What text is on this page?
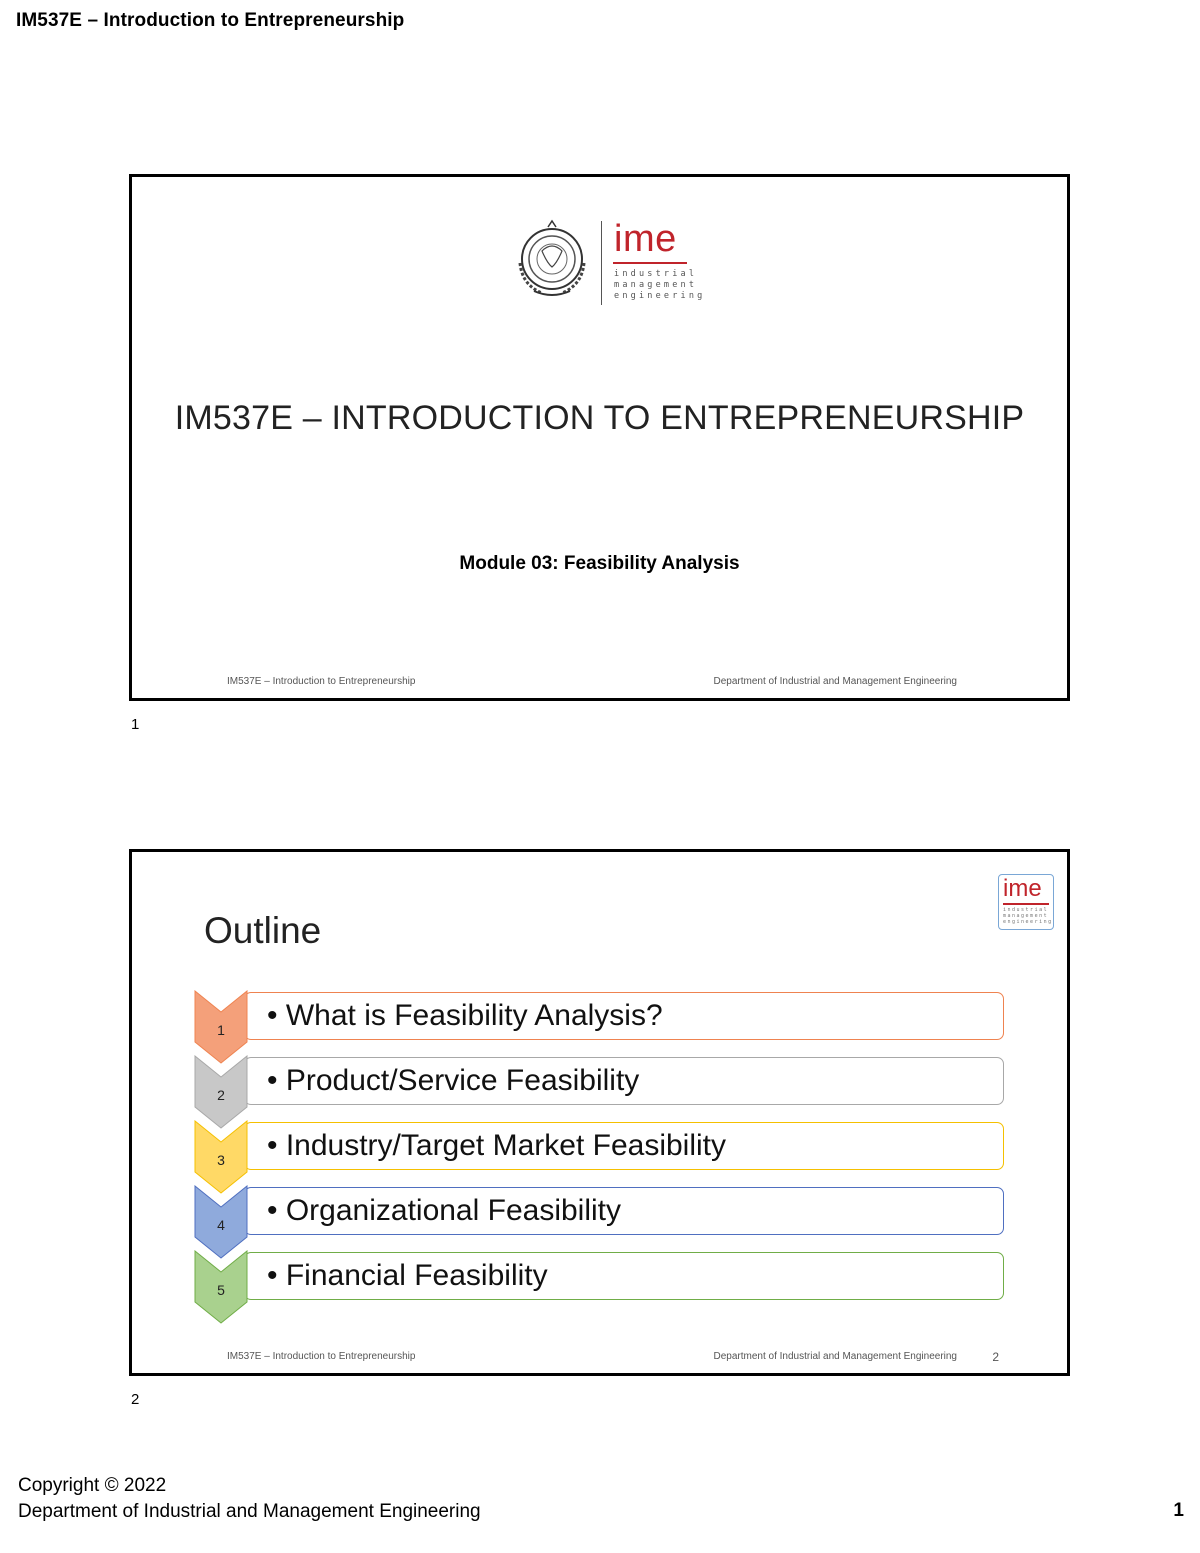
IM537E – Introduction to Entrepreneurship
ime
industrial
management
engineering
IM537E – INTRODUCTION TO ENTREPRENEURSHIP
Module 03: Feasibility Analysis
IM537E – Introduction to Entrepreneurship	Department of Industrial and Management Engineering
1
Outline
ime
industrial
management
engineering
• What is Feasibility Analysis?
1
• Product/Service Feasibility
2
• Industry/Target Market Feasibility
3
• Organizational Feasibility
4
• Financial Feasibility
5
IM537E – Introduction to Entrepreneurship	Department of Industrial and Management Engineering	2
2
Copyright © 2022
Department of Industrial and Management Engineering	1
